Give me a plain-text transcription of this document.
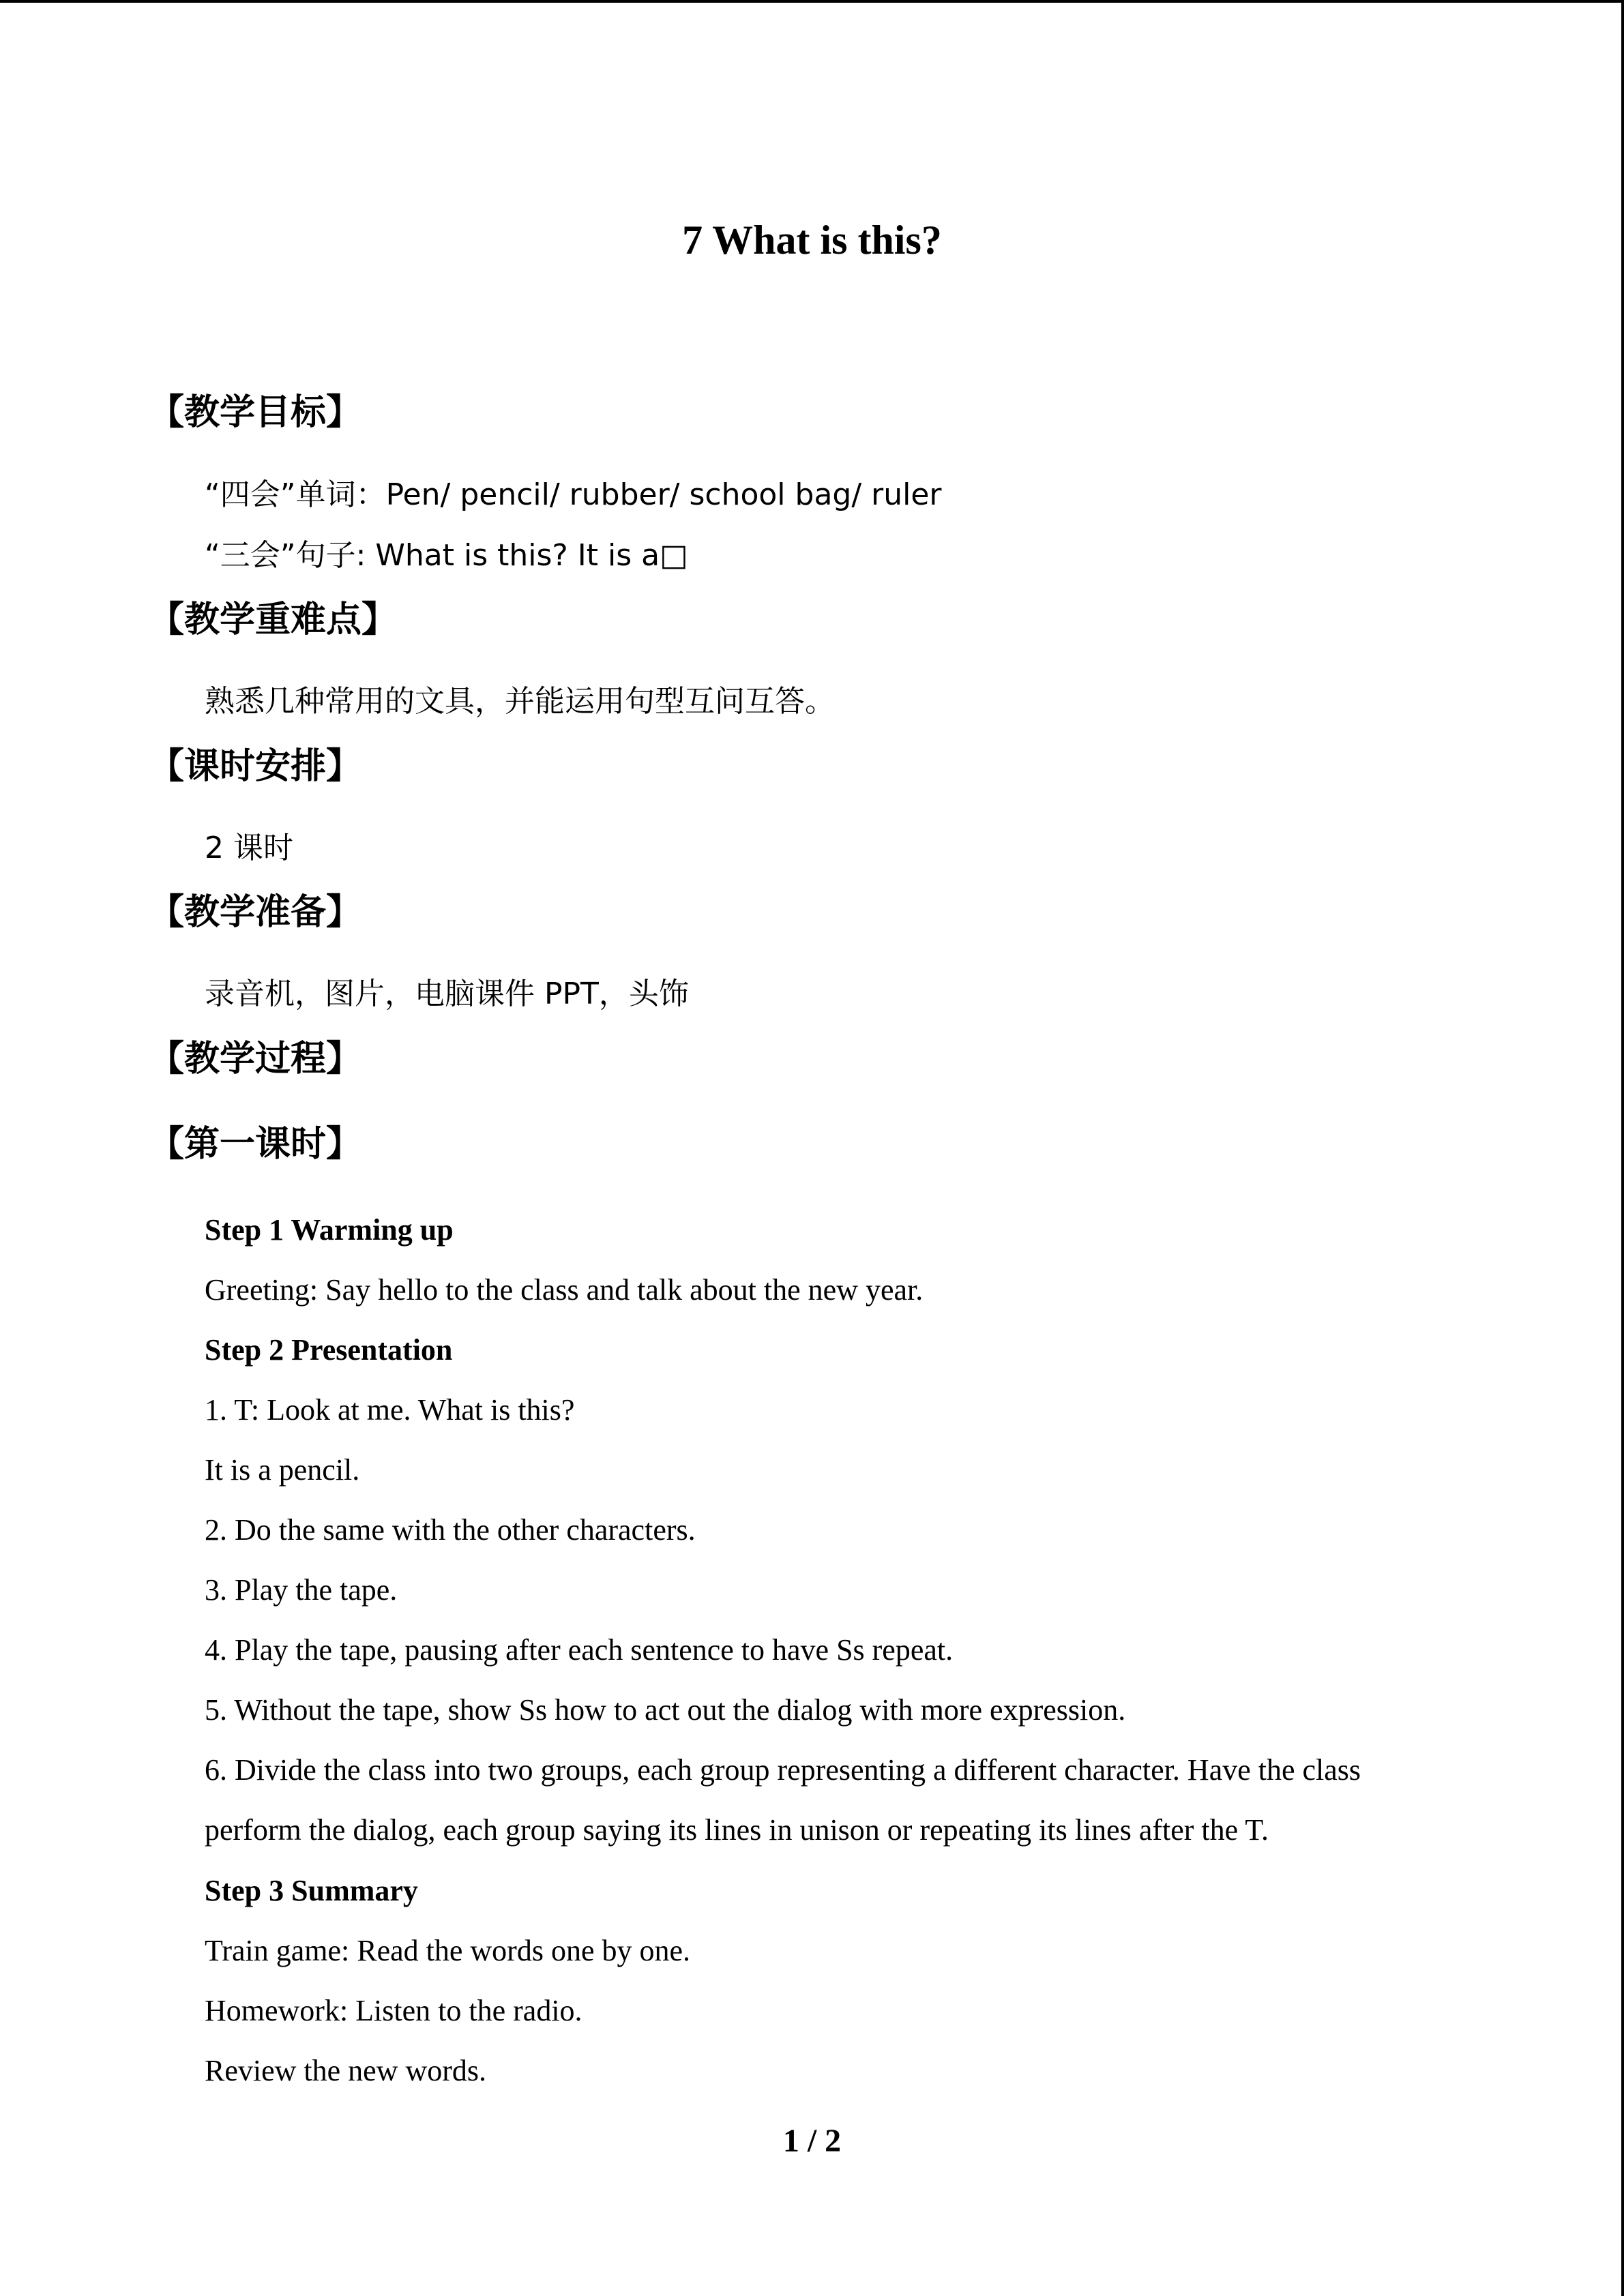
7 What is this?
【教学目标】
“四会”单词：Pen/ pencil/ rubber/ school bag/ ruler
“三会”句子: What is this? It is a□
【教学重难点】
熟悉几种常用的文具，并能运用句型互问互答。
【课时安排】
2 课时
【教学准备】
录音机，图片，电脑课件 PPT，头饰
【教学过程】
【第一课时】
Step 1 Warming up
Greeting: Say hello to the class and talk about the new year.
Step 2 Presentation
1. T: Look at me. What is this?
It is a pencil.
2. Do the same with the other characters.
3. Play the tape.
4. Play the tape, pausing after each sentence to have Ss repeat.
5. Without the tape, show Ss how to act out the dialog with more expression.
6. Divide the class into two groups, each group representing a different character. Have the class
perform the dialog, each group saying its lines in unison or repeating its lines after the T.
Step 3 Summary
Train game: Read the words one by one.
Homework: Listen to the radio.
Review the new words.
1 / 2
